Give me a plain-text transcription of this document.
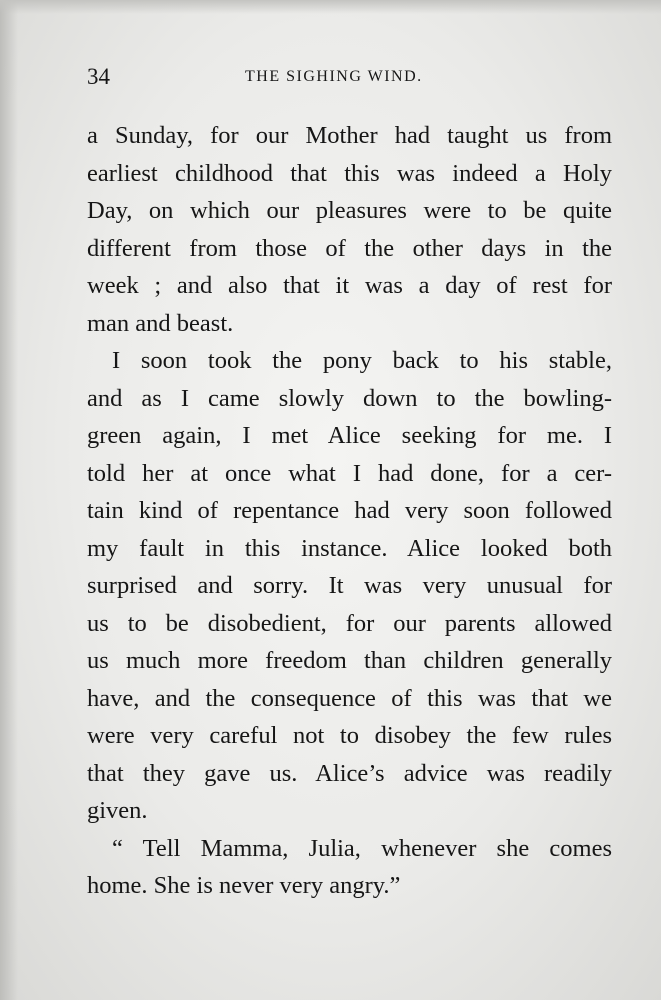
34	THE SIGHING WIND.
a Sunday, for our Mother had taught us from
earliest childhood that this was indeed a Holy
Day, on which our pleasures were to be quite
different from those of the other days in the
week ; and also that it was a day of rest for
man and beast.
I soon took the pony back to his stable,
and as I came slowly down to the bowling-
green again, I met Alice seeking for me. I
told her at once what I had done, for a cer-
tain kind of repentance had very soon followed
my fault in this instance. Alice looked both
surprised and sorry. It was very unusual for
us to be disobedient, for our parents allowed
us much more freedom than children generally
have, and the consequence of this was that we
were very careful not to disobey the few rules
that they gave us. Alice’s advice was readily
given.
“ Tell Mamma, Julia, whenever she comes
home. She is never very angry.”
